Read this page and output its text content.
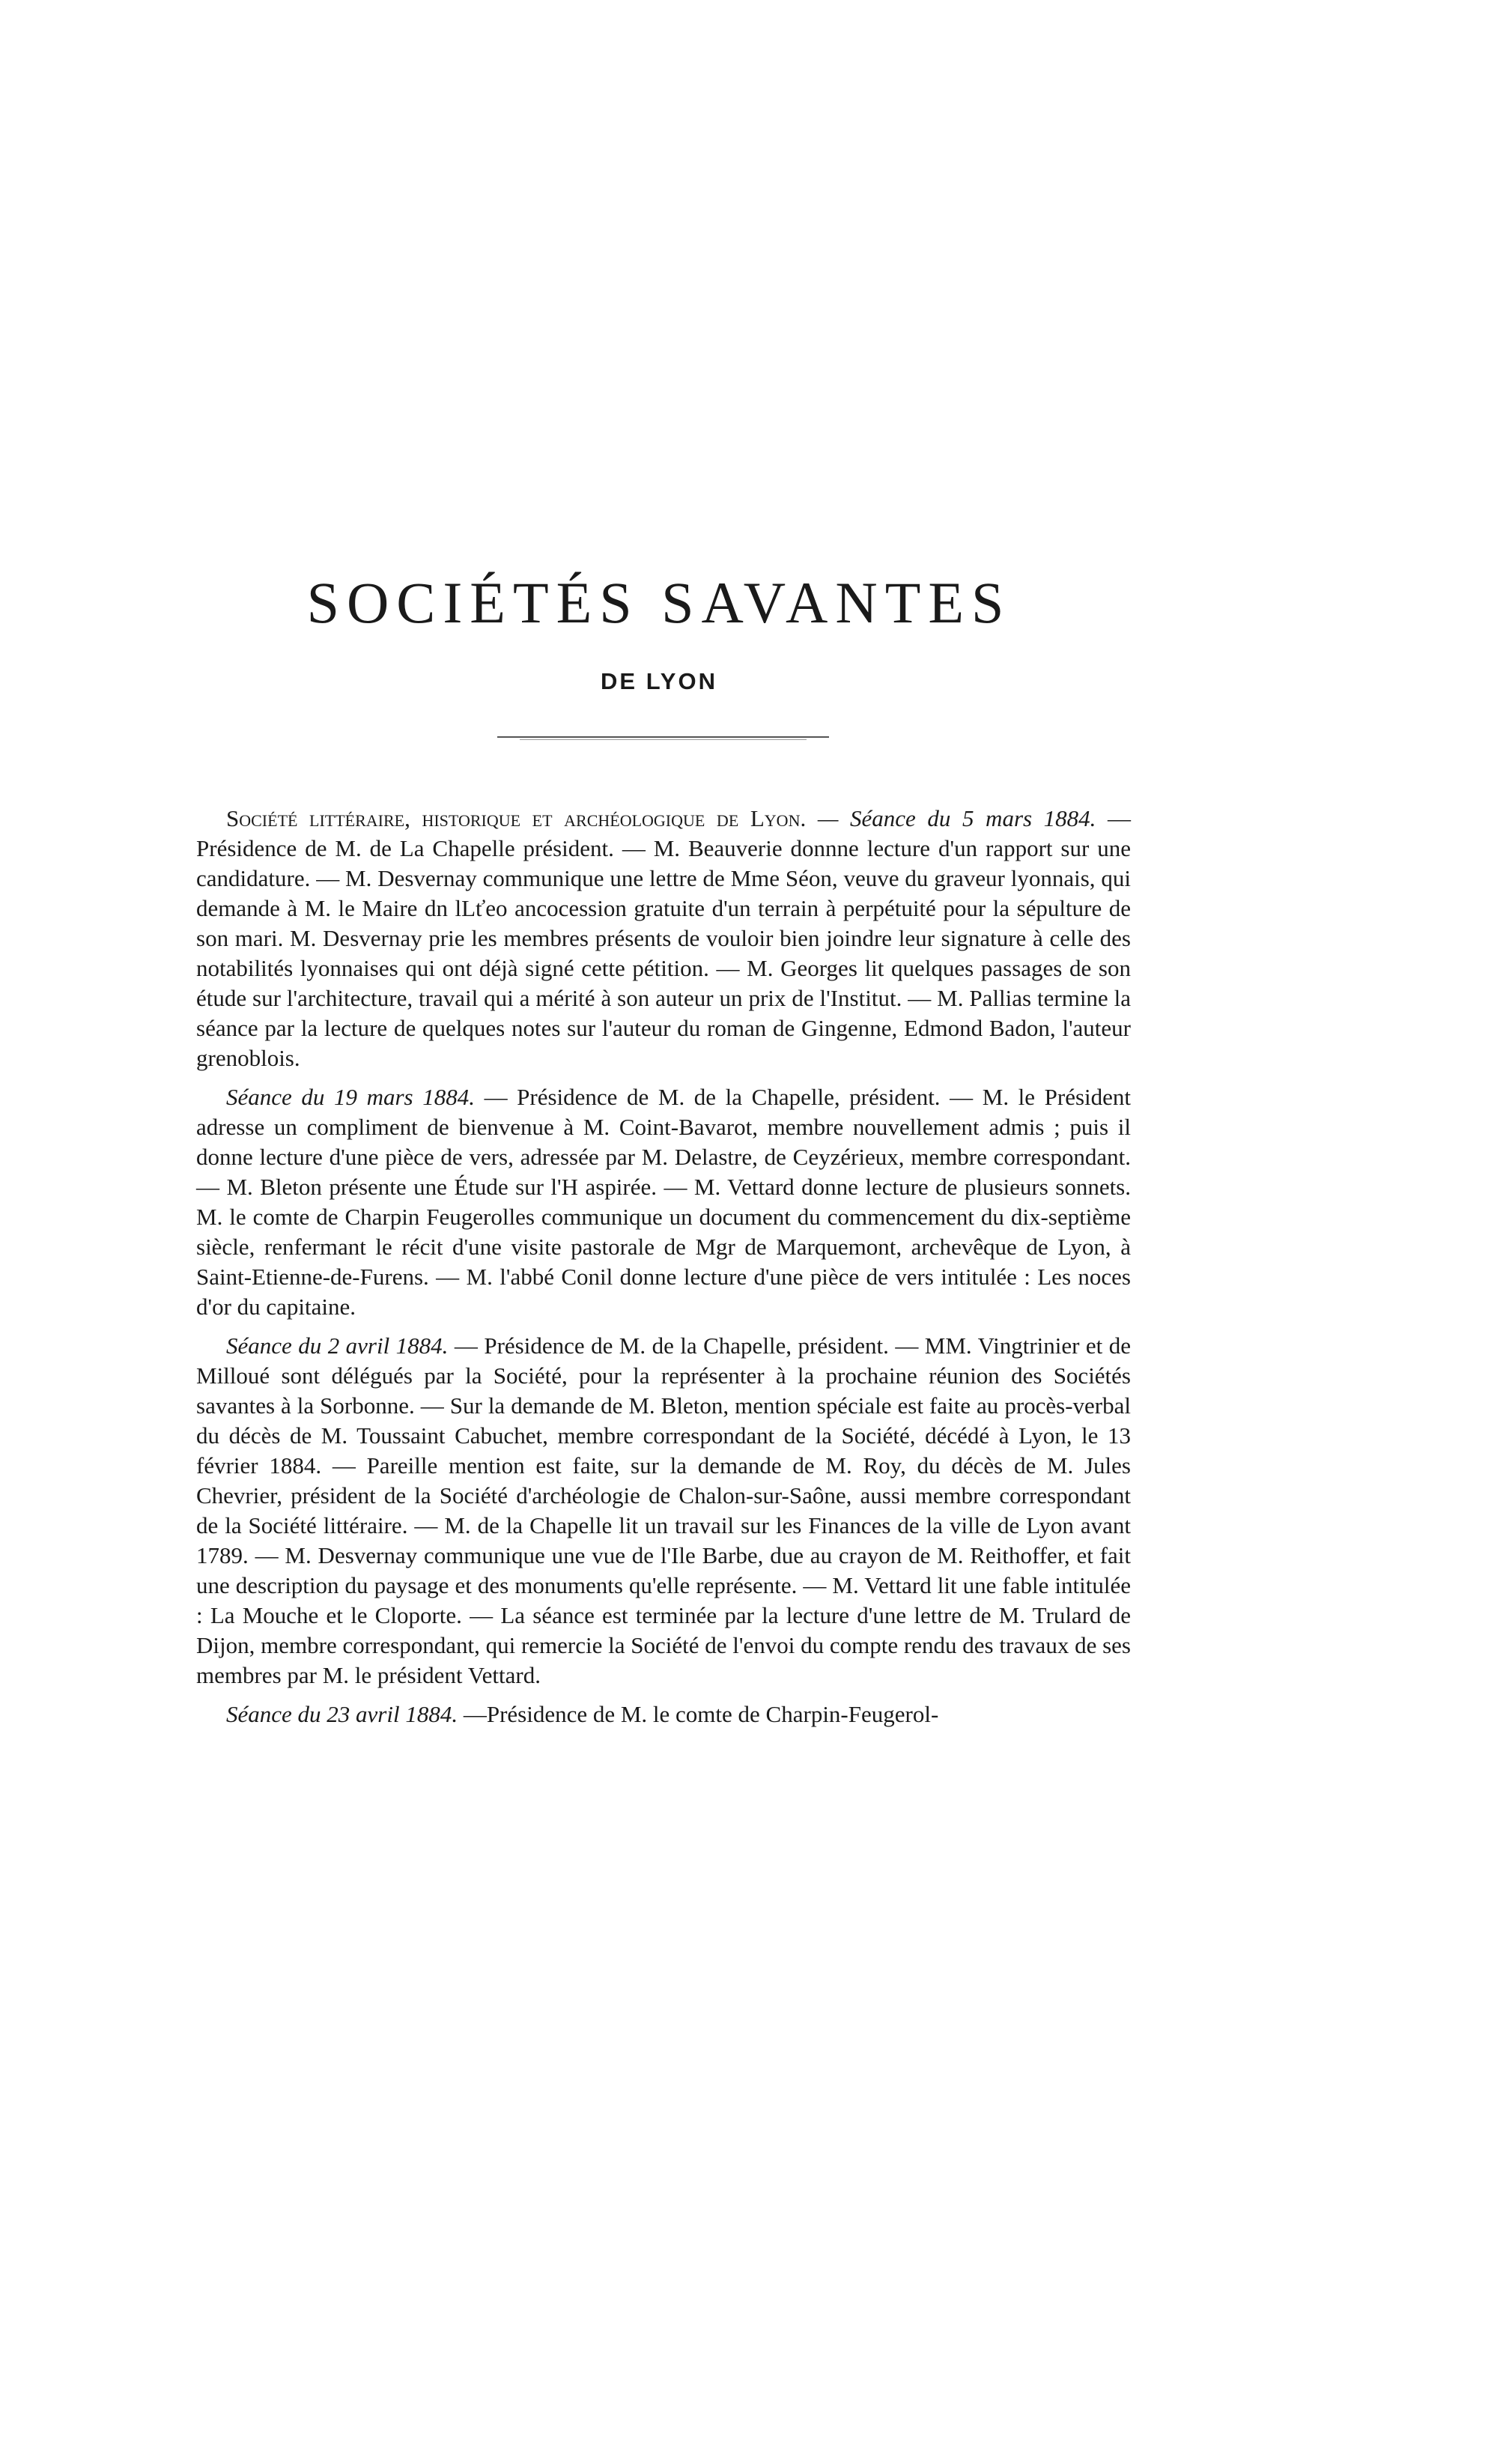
SOCIÉTÉS SAVANTES
DE LYON

Société littéraire, historique et archéologique de Lyon. — Séance du 5 mars 1884. — Présidence de M. de La Chapelle président. — M. Beauverie donnne lecture d'un rapport sur une candidature. — M. Desvernay communique une lettre de Mme Séon, veuve du graveur lyonnais, qui demande à M. le Maire dn lLťeo ancocession gratuite d'un terrain à perpétuité pour la sépulture de son mari. M. Desvernay prie les membres présents de vouloir bien joindre leur signature à celle des notabilités lyonnaises qui ont déjà signé cette pétition. — M. Georges lit quelques passages de son étude sur l'architecture, travail qui a mérité à son auteur un prix de l'Institut. — M. Pallias termine la séance par la lecture de quelques notes sur l'auteur du roman de Gingenne, Edmond Badon, l'auteur grenoblois.

Séance du 19 mars 1884. — Présidence de M. de la Chapelle, président. — M. le Président adresse un compliment de bienvenue à M. Coint-Bavarot, membre nouvellement admis ; puis il donne lecture d'une pièce de vers, adressée par M. Delastre, de Ceyzérieux, membre correspondant. — M. Bleton présente une Étude sur l'H aspirée. — M. Vettard donne lecture de plusieurs sonnets. M. le comte de Charpin Feugerolles communique un document du commencement du dix-septième siècle, renfermant le récit d'une visite pastorale de Mgr de Marquemont, archevêque de Lyon, à Saint-Etienne-de-Furens. — M. l'abbé Conil donne lecture d'une pièce de vers intitulée : Les noces d'or du capitaine.

Séance du 2 avril 1884. — Présidence de M. de la Chapelle, président. — MM. Vingtrinier et de Milloué sont délégués par la Société, pour la représenter à la prochaine réunion des Sociétés savantes à la Sorbonne. — Sur la demande de M. Bleton, mention spéciale est faite au procès-verbal du décès de M. Toussaint Cabuchet, membre correspondant de la Société, décédé à Lyon, le 13 février 1884. — Pareille mention est faite, sur la demande de M. Roy, du décès de M. Jules Chevrier, président de la Société d'archéologie de Chalon-sur-Saône, aussi membre correspondant de la Société littéraire. — M. de la Chapelle lit un travail sur les Finances de la ville de Lyon avant 1789. — M. Desvernay communique une vue de l'Ile Barbe, due au crayon de M. Reithoffer, et fait une description du paysage et des monuments qu'elle représente. — M. Vettard lit une fable intitulée : La Mouche et le Cloporte. — La séance est terminée par la lecture d'une lettre de M. Trulard de Dijon, membre correspondant, qui remercie la Société de l'envoi du compte rendu des travaux de ses membres par M. le président Vettard.

Séance du 23 avril 1884. —Présidence de M. le comte de Charpin-Feugerol-
